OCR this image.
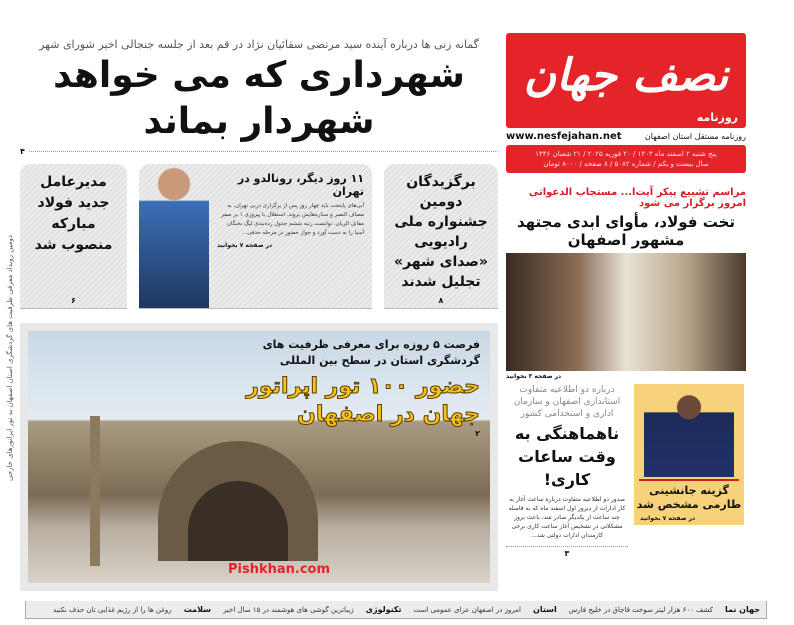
دومین رویداد معرفی ظرفیت های گردشگری استان اصفهان به تور اپراتورهای خارجی
گمانه زنی ها درباره آینده سید مرتضی سقائیان نژاد در قم بعد از جلسه جنجالی اخیر شورای شهر
شهرداری که می خواهد شهردار بماند
۴
مدیرعامل جدید فولاد مبارکه منصوب شد
۶
۱۱ روز دیگر، رونالدو در تهران
آبی‌های پایتخت باید چهار روز پس از برگزاری دربی تهران، به مصاف النصر و ستاره‌هایش بروند. استقلال با پیروزی ۱ بر صفر مقابل الریان، توانست رتبه ششم جدول رده‌بندی لیگ نخبگان آسیا را به دست آورد و جواز حضور در مرحله حذفی...
در صفحه ۷ بخوانید
برگزیدگان دومین جشنواره ملی رادیویی «صدای شهر» تجلیل شدند
۸
فرصت ۵ روزه برای معرفی ظرفیت های گردشگری استان در سطح بین المللی
حضور ۱۰۰ تور اپراتور جهان در اصفهان
۲
Pishkhan.com
نصف جهان
روزنامه
www.nesfejahan.net	روزنامه مستقل استان اصفهان
پنج شنبه ۲ اسفند ماه ۱۴۰۳ / ۲۰ فوریه ۲۰۲۵ / ۲۱ شعبان ۱۴۴۶
سال بیست و یکم / شماره ۵۰۸۲ / ۸ صفحه / ۸۰۰۰ تومان
مراسم تشییع پیکر آیت‌ا... مستجاب الدعواتی امروز برگزار می شود
تخت فولاد، مأوای ابدی مجتهد مشهور اصفهان
در صفحه ۳ بخوانید
درباره دو اطلاعیه متفاوت استانداری اصفهان و سازمان اداری و استخدامی کشور
ناهماهنگی به وقت ساعات کاری!
صدور دو اطلاعیه متفاوت درباره ساعت آغاز به کار ادارات از دیروز اول اسفند ماه که به فاصله چند ساعت از یکدیگر صادر شد، باعث بروز مشکلاتی در تشخیص آغاز ساعت کاری برخی کارمندان ادارات دولتی شد...
۳
گزینه جانشینی طارمی مشخص شد
در صفحه ۷ بخوانید
جهان نما
کشف ۶۰۰ هزار لیتر سوخت قاچاق در خلیج فارس
استان
امروز در اصفهان عزای عمومی است
تکنولوژی
زیباترین گوشی های هوشمند در ۱۵ سال اخیر
سلامت
روغن ها را از رژیم غذایی تان حذف نکنید
